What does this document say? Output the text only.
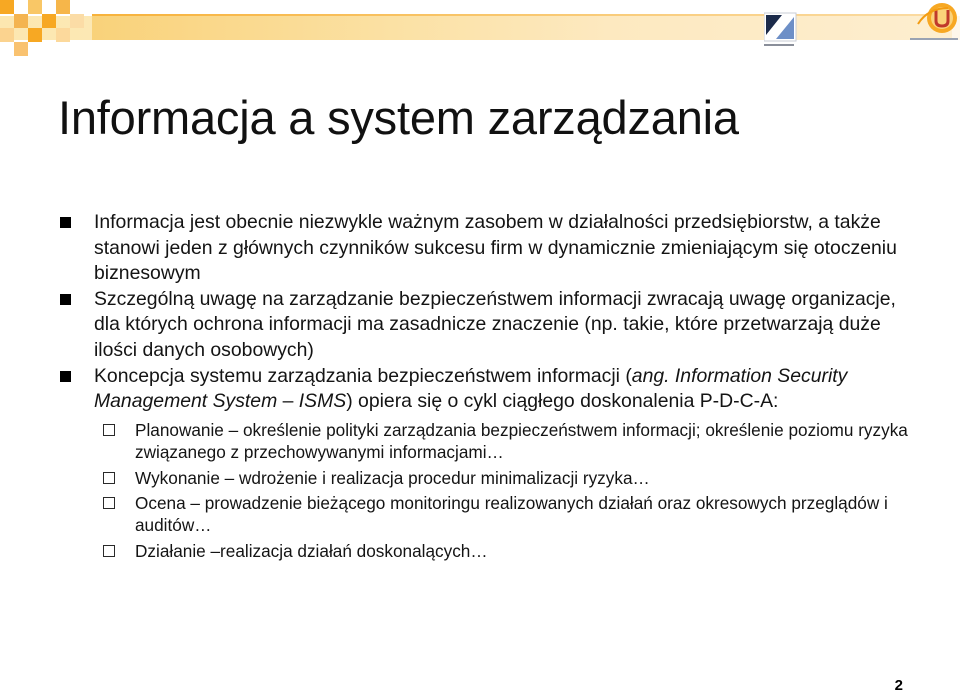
Informacja a system zarządzania
Informacja jest obecnie niezwykle ważnym zasobem w działalności przedsiębiorstw, a także stanowi jeden z głównych czynników sukcesu firm w dynamicznie zmieniającym się otoczeniu biznesowym
Szczególną uwagę na zarządzanie bezpieczeństwem informacji zwracają uwagę organizacje, dla których ochrona informacji ma zasadnicze znaczenie (np. takie, które przetwarzają duże ilości danych osobowych)
Koncepcja systemu zarządzania bezpieczeństwem informacji (ang. Information Security Management System – ISMS) opiera się o cykl ciągłego doskonalenia P-D-C-A:
Planowanie – określenie polityki zarządzania bezpieczeństwem informacji; określenie poziomu ryzyka związanego z przechowywanymi informacjami…
Wykonanie – wdrożenie i realizacja procedur minimalizacji ryzyka…
Ocena – prowadzenie bieżącego monitoringu realizowanych działań oraz okresowych przeglądów i auditów…
Działanie –realizacja działań doskonalących…
2
